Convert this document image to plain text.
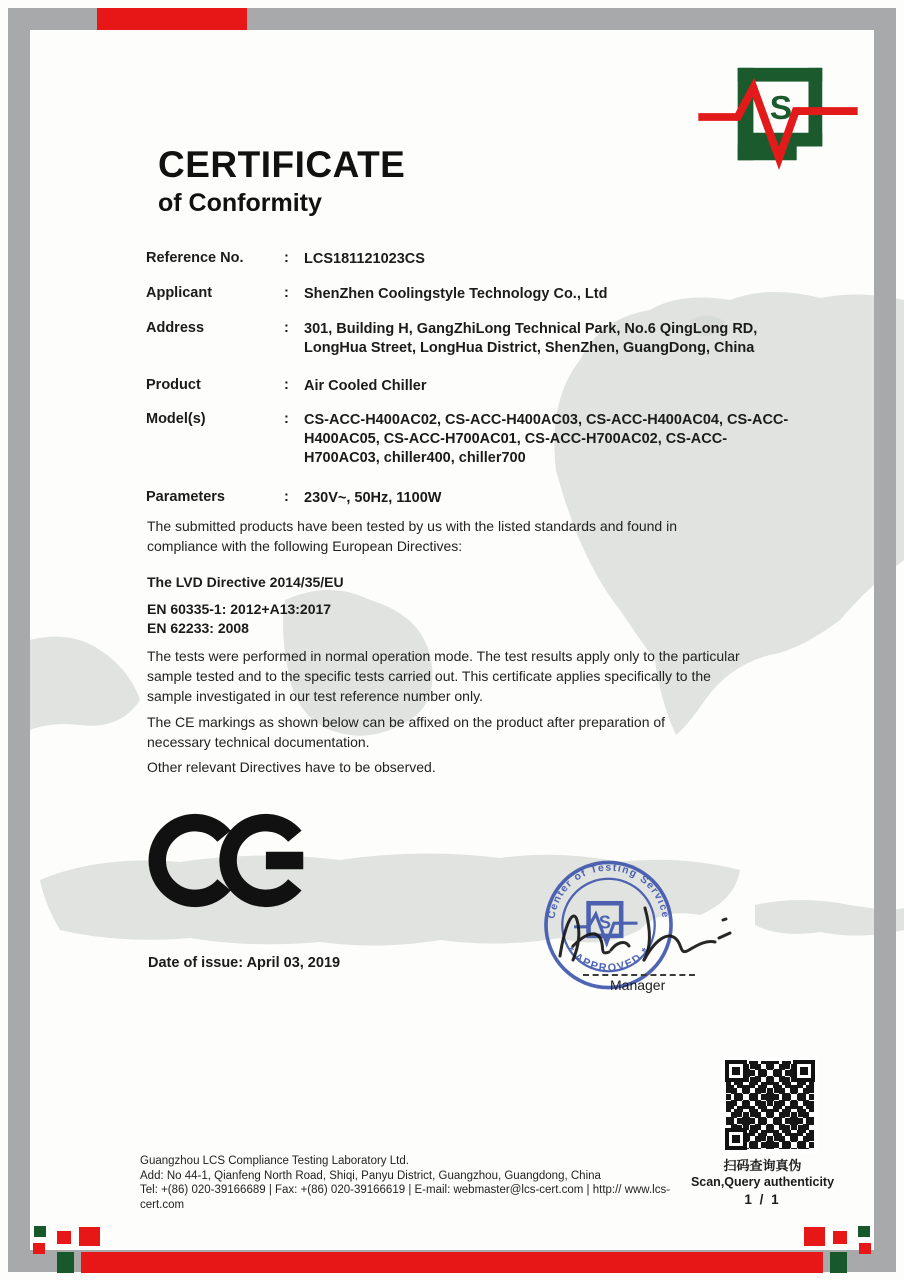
S
CERTIFICATE
of Conformity
Reference No.	: LCS181121023CS
Applicant	: ShenZhen Coolingstyle Technology Co., Ltd
Address	: 301, Building H, GangZhiLong Technical Park, No.6 QingLong RD, LongHua Street, LongHua District, ShenZhen, GuangDong, China
Product	: Air Cooled Chiller
Model(s)	: CS-ACC-H400AC02, CS-ACC-H400AC03, CS-ACC-H400AC04, CS-ACC-H400AC05, CS-ACC-H700AC01, CS-ACC-H700AC02, CS-ACC-H700AC03, chiller400, chiller700
Parameters	: 230V~, 50Hz, 1100W
The submitted products have been tested by us with the listed standards and found in compliance with the following European Directives:
The LVD Directive 2014/35/EU
EN 60335-1: 2012+A13:2017
EN 62233: 2008
The tests were performed in normal operation mode. The test results apply only to the particular sample tested and to the specific tests carried out. This certificate applies specifically to the sample investigated in our test reference number only.
The CE markings as shown below can be affixed on the product after preparation of necessary technical documentation.
Other relevant Directives have to be observed.
Date of issue: April 03, 2019
Center of Testing Service
* APPROVED *
S
Manager
扫码查询真伪
Scan,Query authenticity
1 / 1
Guangzhou LCS Compliance Testing Laboratory Ltd.
Add: No 44-1, Qianfeng North Road, Shiqi, Panyu District, Guangzhou, Guangdong, China
Tel: +(86) 020-39166689 | Fax: +(86) 020-39166619 | E-mail: webmaster@lcs-cert.com | http:// www.lcs-cert.com
